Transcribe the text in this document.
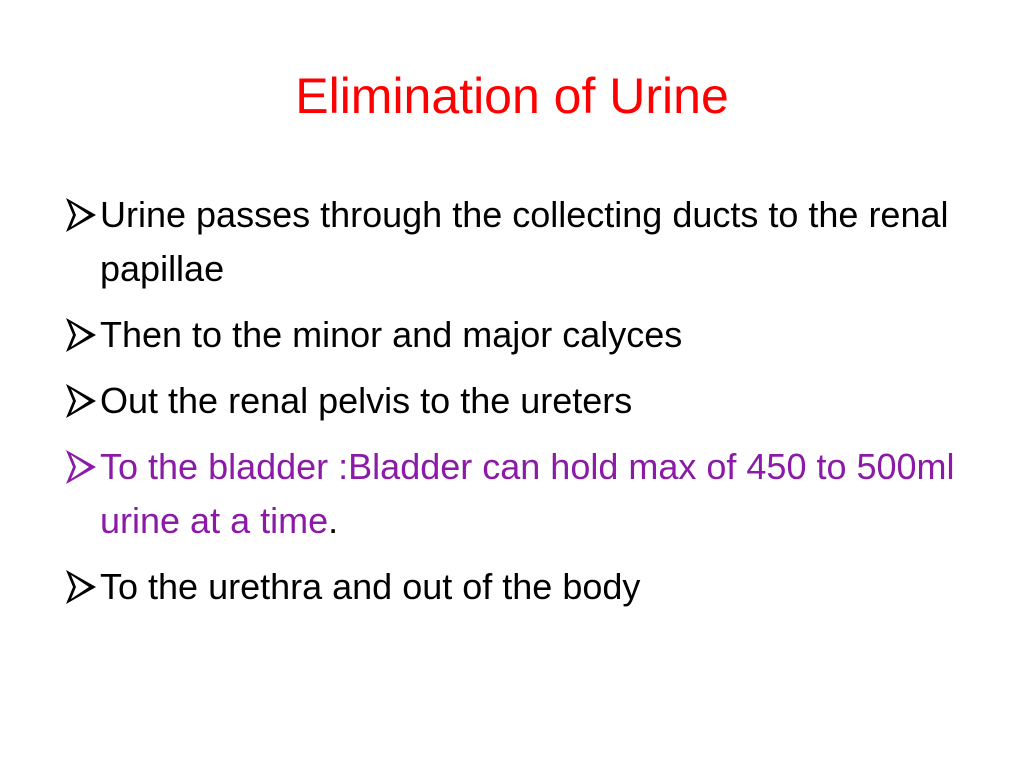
Elimination of Urine
Urine passes through the collecting ducts to the renal papillae
Then to the minor and major calyces
Out the renal pelvis to the ureters
To the bladder :Bladder can hold max of 450 to 500ml urine at a time.
To the urethra and out of the body
